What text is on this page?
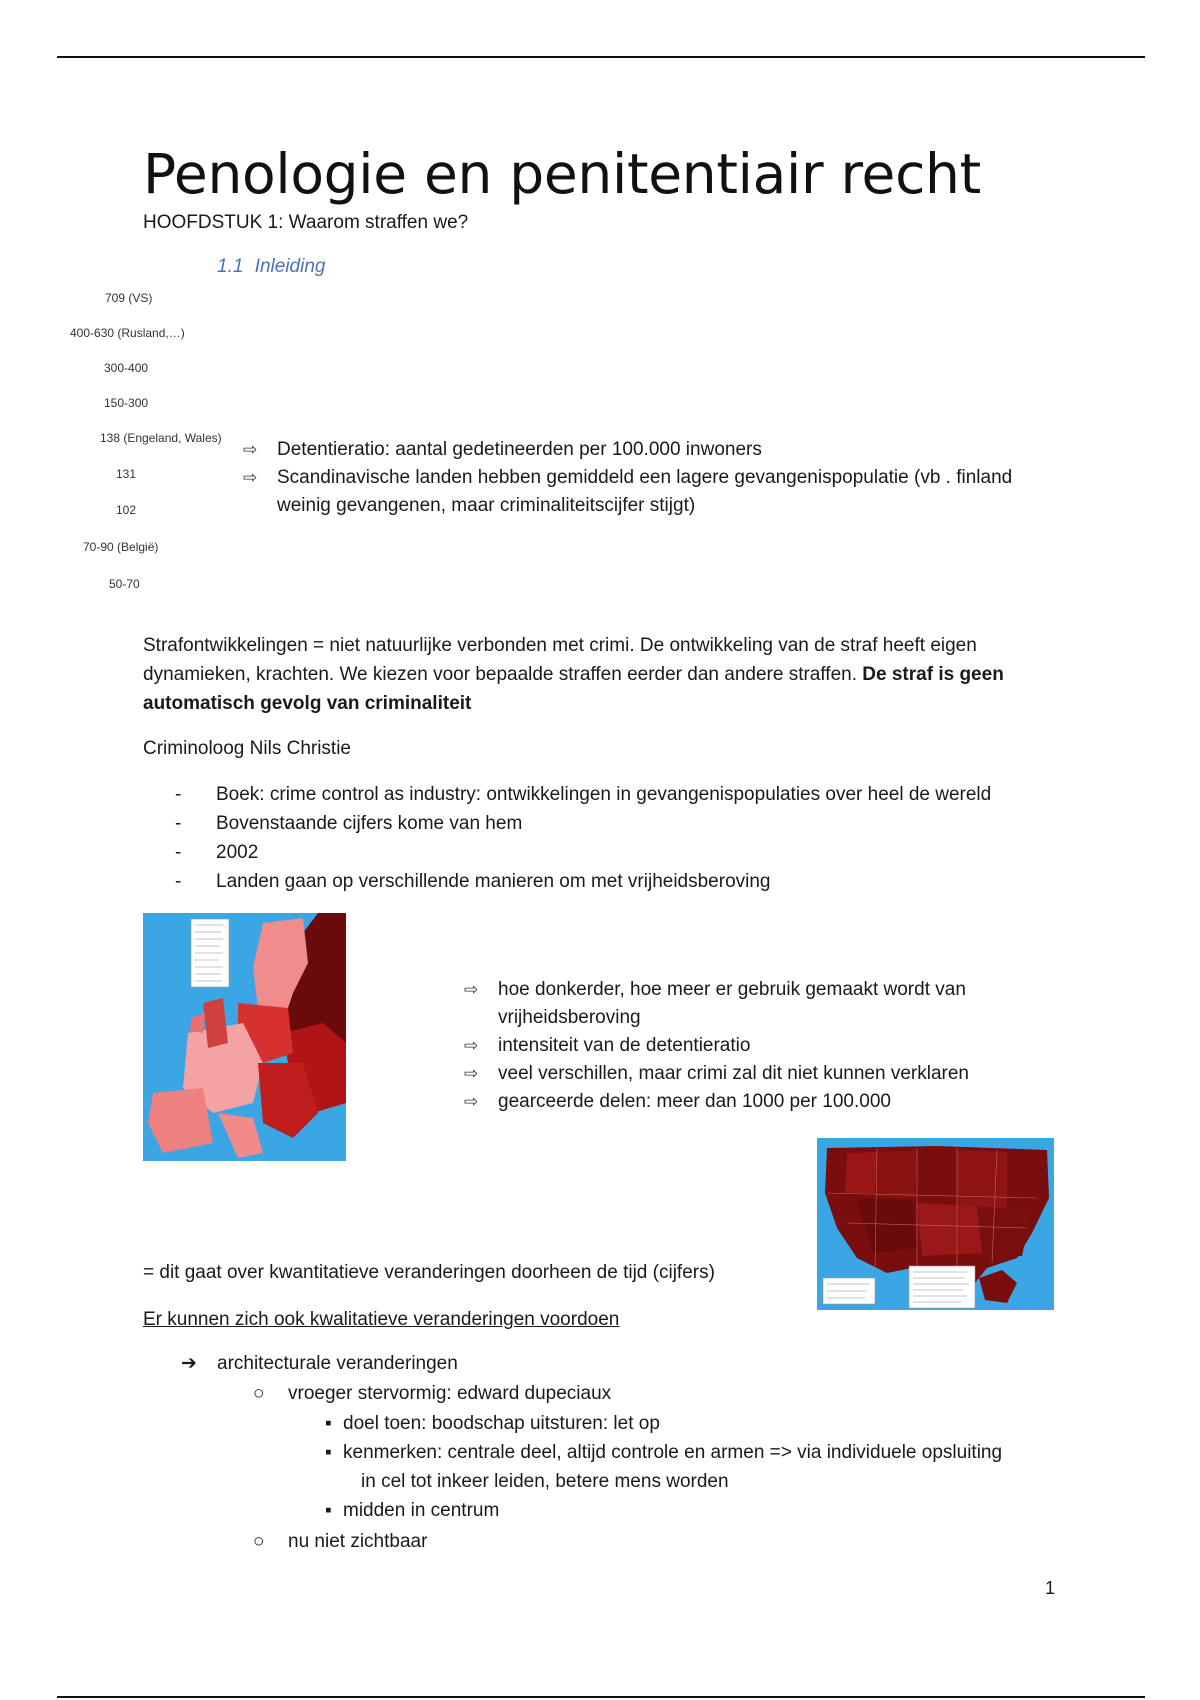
Penologie en penitentiair recht
HOOFDSTUK 1: Waarom straffen we?
1.1 Inleiding
709 (VS)
400-630 (Rusland,…)
300-400
150-300
138 (Engeland, Wales)
131
102
70-90 (België)
50-70
⇨	Detentieratio: aantal gedetineerden per 100.000 inwoners
⇨	Scandinavische landen hebben gemiddeld een lagere gevangenispopulatie (vb . finland
weinig gevangenen, maar criminaliteitscijfer stijgt)
Strafontwikkelingen = niet natuurlijke verbonden met crimi. De ontwikkeling van de straf heeft eigen
dynamieken, krachten. We kiezen voor bepaalde straffen eerder dan andere straffen. De straf is geen
automatisch gevolg van criminaliteit
Criminoloog Nils Christie
-	Boek: crime control as industry: ontwikkelingen in gevangenispopulaties over heel de wereld
-	Bovenstaande cijfers kome van hem
-	2002
-	Landen gaan op verschillende manieren om met vrijheidsberoving
⇨	hoe donkerder, hoe meer er gebruik gemaakt wordt van
vrijheidsberoving
⇨	intensiteit van de detentieratio
⇨	veel verschillen, maar crimi zal dit niet kunnen verklaren
⇨	gearceerde delen: meer dan 1000 per 100.000
= dit gaat over kwantitatieve veranderingen doorheen de tijd (cijfers)
Er kunnen zich ook kwalitatieve veranderingen voordoen
➔	architecturale veranderingen
○	vroeger stervormig: edward dupeciaux
▪ doel toen: boodschap uitsturen: let op
▪ kenmerken: centrale deel, altijd controle en armen => via individuele opsluiting
in cel tot inkeer leiden, betere mens worden
▪ midden in centrum
○	nu niet zichtbaar
1
